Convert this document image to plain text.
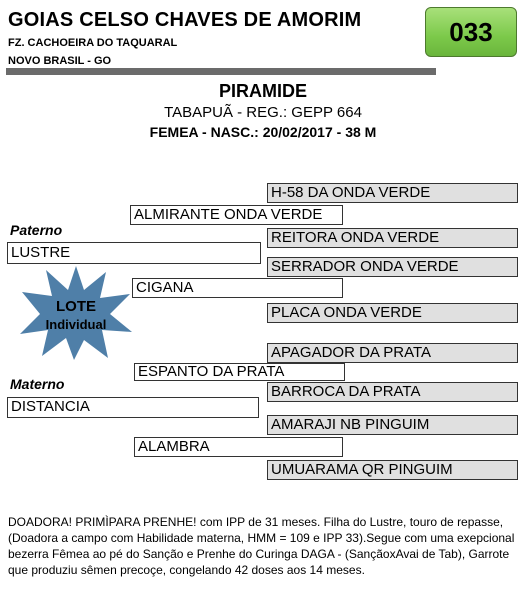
GOIAS CELSO CHAVES DE AMORIM
FZ. CACHOEIRA DO TAQUARAL
NOVO BRASIL - GO
033
PIRAMIDE
TABAPUÃ - REG.: GEPP 664
FEMEA - NASC.: 20/02/2017 - 38 M
H-58 DA ONDA VERDE
ALMIRANTE ONDA VERDE
REITORA ONDA VERDE
Paterno
LUSTRE
SERRADOR ONDA VERDE
CIGANA
PLACA ONDA VERDE
APAGADOR DA PRATA
ESPANTO DA PRATA
Materno	BARROCA DA PRATA
DISTANCIA
AMARAJI NB PINGUIM
ALAMBRA
UMUARAMA QR PINGUIM
LOTE
Individual
DOADORA! PRIMÌPARA PRENHE! com IPP de 31 meses. Filha do Lustre, touro de repasse,(Doadora a campo com Habilidade materna, HMM = 109 e IPP 33).Segue com uma exepcional bezerra Fêmea ao pé do Sanção e Prenhe do Curinga DAGA - (SançãoxAvai de Tab), Garrote que produziu sêmen precoçe, congelando 42 doses aos 14 meses.
